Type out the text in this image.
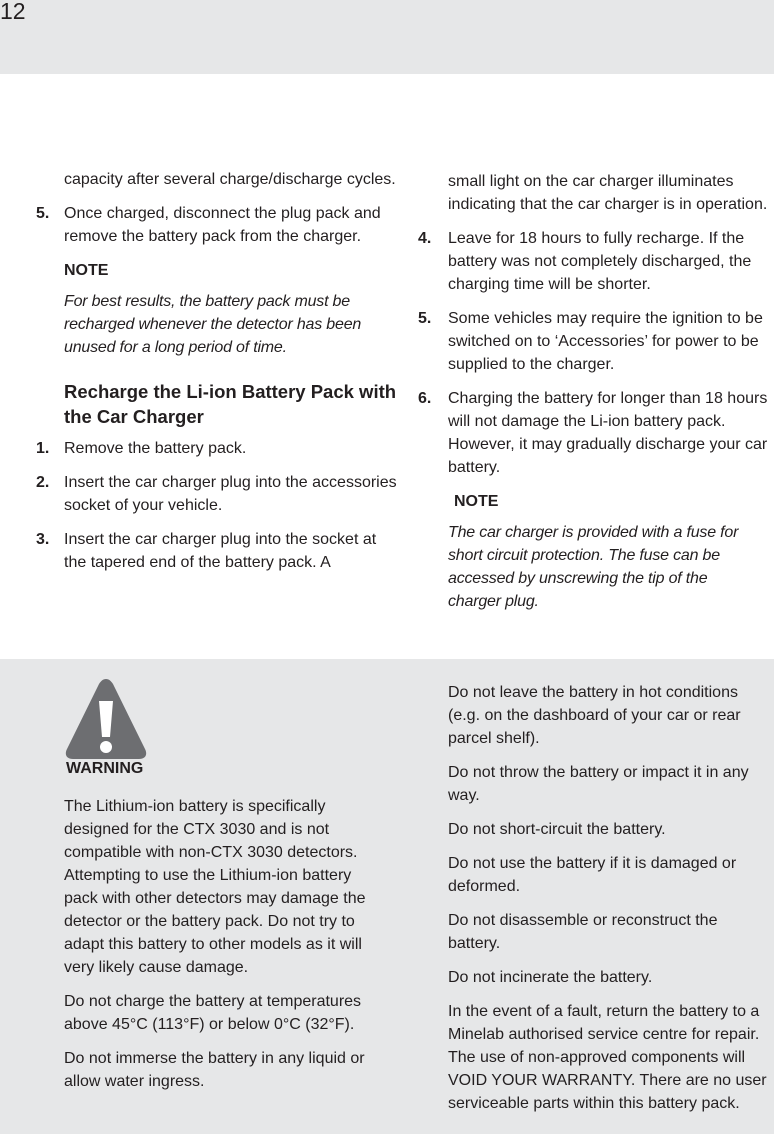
12
capacity after several charge/discharge cycles.
5. Once charged, disconnect the plug pack and remove the battery pack from the charger.
NOTE
For best results, the battery pack must be recharged whenever the detector has been unused for a long period of time.
Recharge the Li-ion Battery Pack with the Car Charger
1. Remove the battery pack.
2. Insert the car charger plug into the accessories socket of your vehicle.
3. Insert the car charger plug into the socket at the tapered end of the battery pack. A
small light on the car charger illuminates indicating that the car charger is in operation.
4.	Leave for 18 hours to fully recharge. If the battery was not completely discharged, the charging time will be shorter.
5.	Some vehicles may require the ignition to be switched on to ‘Accessories’ for power to be supplied to the charger.
6.	Charging the battery for longer than 18 hours will not damage the Li-ion battery pack. However, it may gradually discharge your car battery.
NOTE
The car charger is provided with a fuse for short circuit protection. The fuse can be accessed by unscrewing the tip of the charger plug.
WARNING
The Lithium-ion battery is specifically designed for the CTX 3030 and is not compatible with non-CTX 3030 detectors. Attempting to use the Lithium-ion battery pack with other detectors may damage the detector or the battery pack. Do not try to adapt this battery to other models as it will very likely cause damage.
Do not charge the battery at temperatures above 45°C (113°F) or below 0°C (32°F).
Do not immerse the battery in any liquid or allow water ingress.
Do not leave the battery in hot conditions (e.g. on the dashboard of your car or rear parcel shelf).
Do not throw the battery or impact it in any way.
Do not short-circuit the battery.
Do not use the battery if it is damaged or deformed.
Do not disassemble or reconstruct the battery.
Do not incinerate the battery.
In the event of a fault, return the battery to a Minelab authorised service centre for repair. The use of non-approved components will VOID YOUR WARRANTY. There are no user serviceable parts within this battery pack.
